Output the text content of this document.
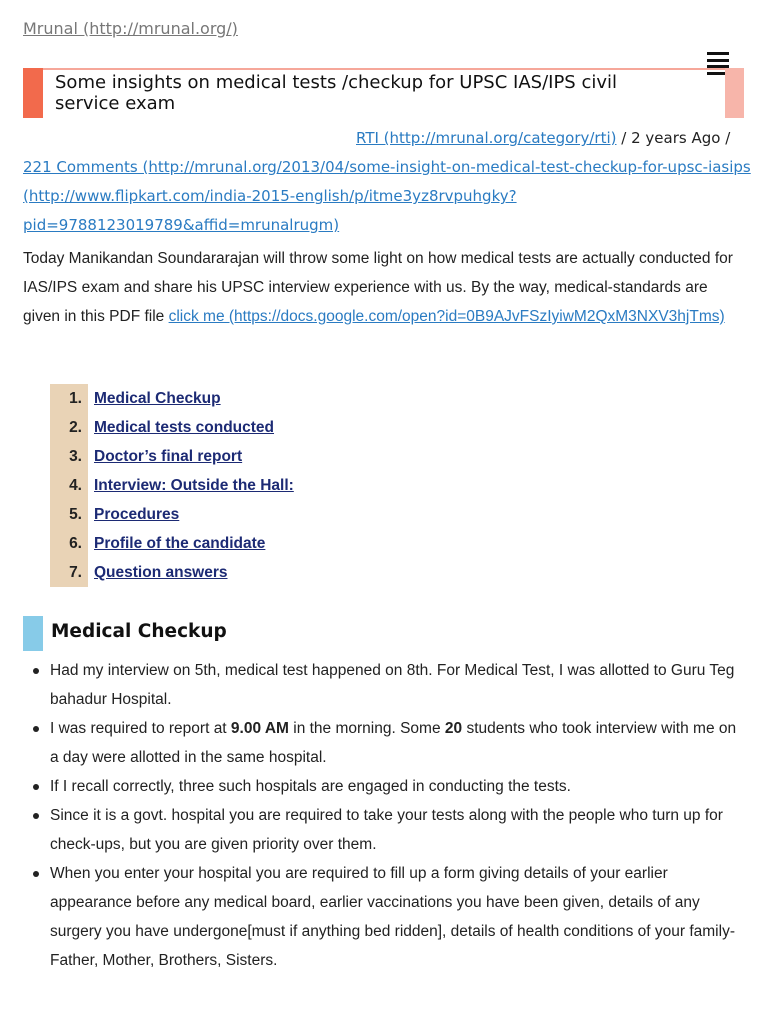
Mrunal (http://mrunal.org/)
Some insights on medical tests /checkup for UPSC IAS/IPS civil service exam
RTI (http://mrunal.org/category/rti) / 2 years Ago /
221 Comments (http://mrunal.org/2013/04/some-insight-on-medical-test-checkup-for-upsc-iasips
(http://www.flipkart.com/india-2015-english/p/itme3yz8rvpuhgky?pid=9788123019789&affid=mrunalrugm)
Today Manikandan Soundararajan will throw some light on how medical tests are actually conducted for IAS/IPS exam and share his UPSC interview experience with us. By the way, medical-standards are given in this PDF file click me (https://docs.google.com/open?id=0B9AJvFSzIyiwM2QxM3NXV3hjTms)
1. Medical Checkup
2. Medical tests conducted
3. Doctor’s final report
4. Interview: Outside the Hall:
5. Procedures
6. Profile of the candidate
7. Question answers
Medical Checkup
Had my interview on 5th, medical test happened on 8th. For Medical Test, I was allotted to Guru Teg bahadur Hospital.
I was required to report at 9.00 AM in the morning. Some 20 students who took interview with me on a day were allotted in the same hospital.
If I recall correctly, three such hospitals are engaged in conducting the tests.
Since it is a govt. hospital you are required to take your tests along with the people who turn up for check-ups, but you are given priority over them.
When you enter your hospital you are required to fill up a form giving details of your earlier appearance before any medical board, earlier vaccinations you have been given, details of any surgery you have undergone[must if anything bed ridden], details of health conditions of your family- Father, Mother, Brothers, Sisters.
